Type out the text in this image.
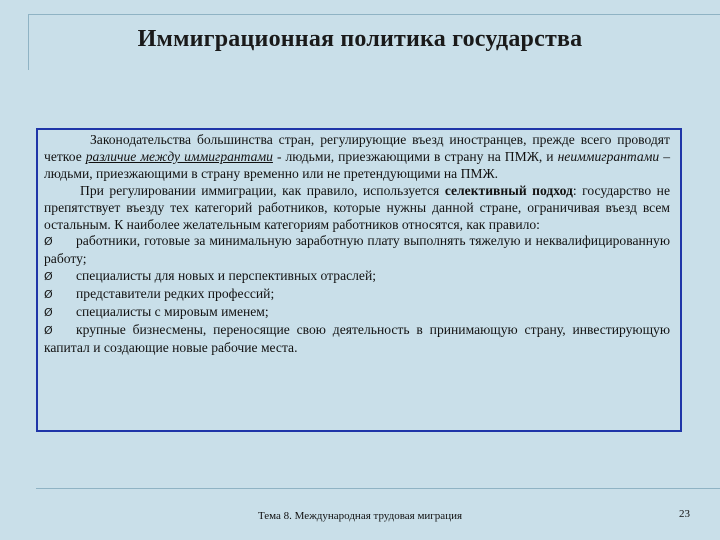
Иммиграционная политика государства

Законодательства большинства стран, регулирующие въезд иностранцев, прежде всего проводят четкое различие между иммигрантами - людьми, приезжающими в страну на ПМЖ, и неиммигрантами – людьми, приезжающими в страну временно или не претендующими на ПМЖ.

При регулировании иммиграции, как правило, используется селективный подход: государство не препятствует въезду тех категорий работников, которые нужны данной стране, ограничивая въезд всем остальным. К наиболее желательным категориям работников относятся, как правило:

Ø работники, готовые за минимальную заработную плату выполнять тяжелую и неквалифицированную работу;

Ø специалисты для новых и перспективных отраслей;

Ø представители редких профессий;

Ø специалисты с мировым именем;

Ø крупные бизнесмены, переносящие свою деятельность в принимающую страну, инвестирующую капитал и создающие новые рабочие места.

Тема 8. Международная трудовая миграция	23
